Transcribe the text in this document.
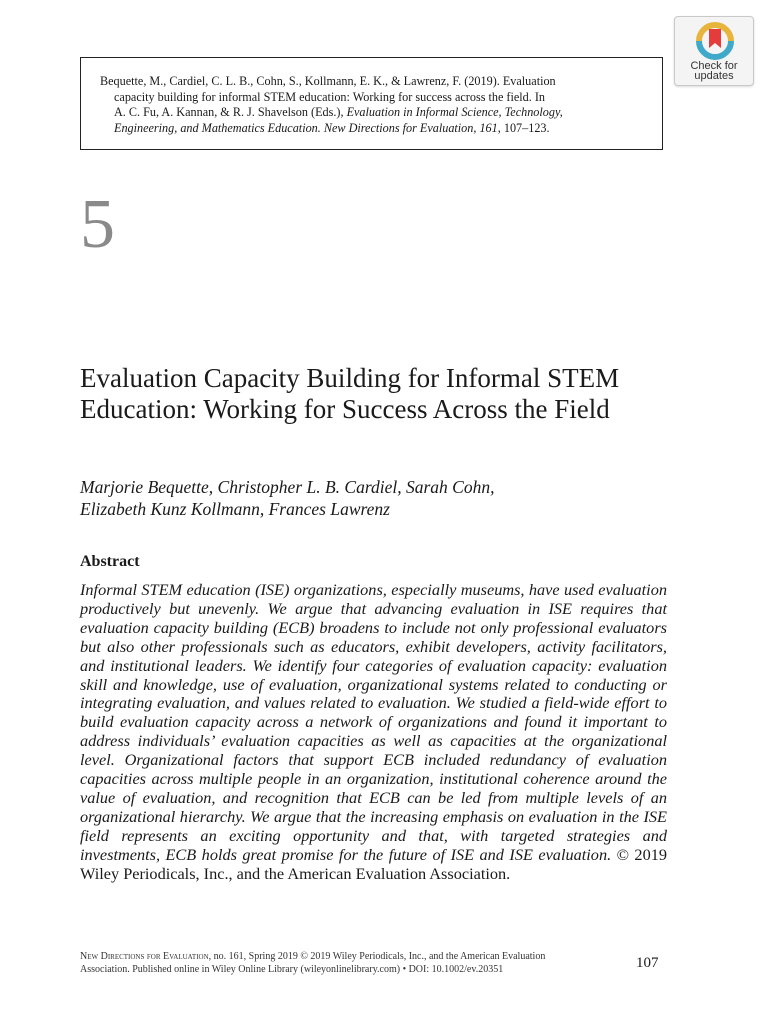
Bequette, M., Cardiel, C. L. B., Cohn, S., Kollmann, E. K., & Lawrenz, F. (2019). Evaluation
capacity building for informal STEM education: Working for success across the field. In
A. C. Fu, A. Kannan, & R. J. Shavelson (Eds.), Evaluation in Informal Science, Technology,
Engineering, and Mathematics Education. New Directions for Evaluation, 161, 107–123.
Check for
updates
5
Evaluation Capacity Building for Informal STEM Education: Working for Success Across the Field
Marjorie Bequette, Christopher L. B. Cardiel, Sarah Cohn,
Elizabeth Kunz Kollmann, Frances Lawrenz
Abstract
Informal STEM education (ISE) organizations, especially museums, have used evaluation productively but unevenly. We argue that advancing evaluation in ISE requires that evaluation capacity building (ECB) broadens to include not only professional evaluators but also other professionals such as educators, exhibit developers, activity facilitators, and institutional leaders. We identify four categories of evaluation capacity: evaluation skill and knowledge, use of evaluation, organizational systems related to conducting or integrating evaluation, and values related to evaluation. We studied a field-wide effort to build evaluation capacity across a network of organizations and found it important to address individuals’ evaluation capacities as well as capacities at the organizational level. Organizational factors that support ECB included redundancy of evaluation capacities across multiple people in an organization, institutional coherence around the value of evaluation, and recognition that ECB can be led from multiple levels of an organizational hierarchy. We argue that the increasing emphasis on evaluation in the ISE field represents an exciting opportunity and that, with targeted strategies and investments, ECB holds great promise for the future of ISE and ISE evaluation. © 2019 Wiley Periodicals, Inc., and the American Evaluation Association.
New Directions for Evaluation, no. 161, Spring 2019 © 2019 Wiley Periodicals, Inc., and the American Evaluation
Association. Published online in Wiley Online Library (wileyonlinelibrary.com) • DOI: 10.1002/ev.20351	107
